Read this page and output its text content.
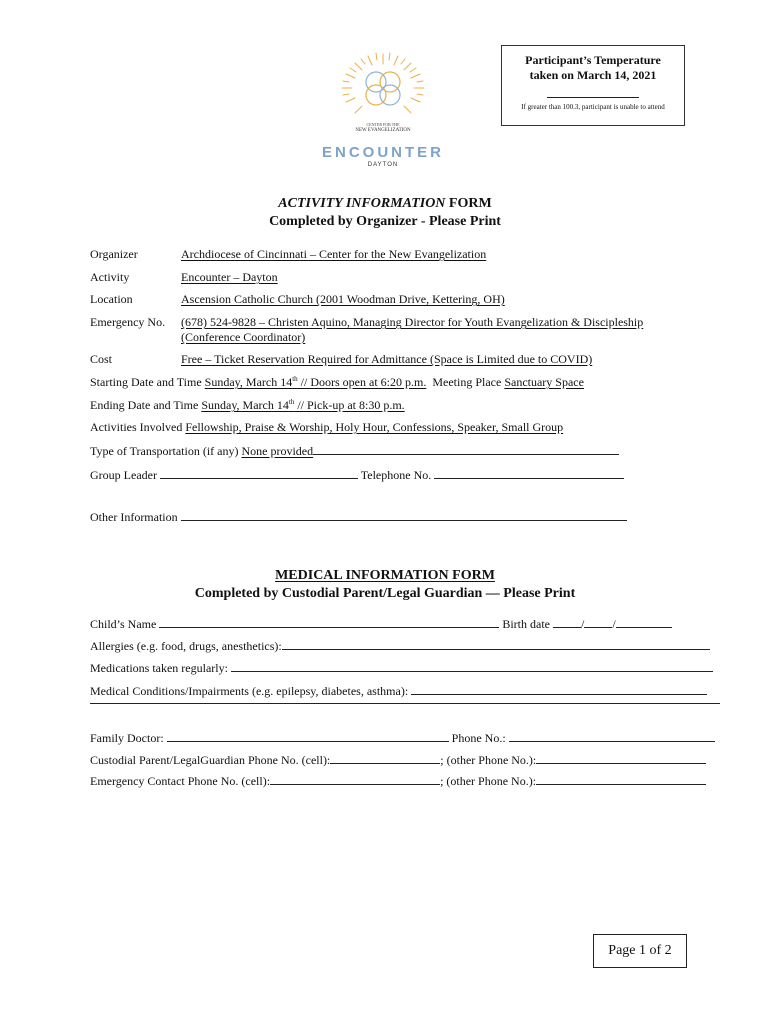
Participant’s Temperature
taken on March 14, 2021
If greater than 100.3, participant is unable to attend
CENTER FOR THE
NEW EVANGELIZATION
ENCOUNTER
DAYTON
ACTIVITY INFORMATION FORM
Completed by Organizer - Please Print
Organizer	Archdiocese of Cincinnati – Center for the New Evangelization
Activity	Encounter – Dayton
Location	Ascension Catholic Church (2001 Woodman Drive, Kettering, OH)
Emergency No. (678) 524-9828 – Christen Aquino, Managing Director for Youth Evangelization & Discipleship
(Conference Coordinator)
Cost	Free – Ticket Reservation Required for Admittance (Space is Limited due to COVID)
Starting Date and Time Sunday, March 14th // Doors open at 6:20 p.m. Meeting Place Sanctuary Space
Ending Date and Time Sunday, March 14th // Pick-up at 8:30 p.m.
Activities Involved Fellowship, Praise & Worship, Holy Hour, Confessions, Speaker, Small Group
Type of Transportation (if any) None provided
Group Leader	Telephone No.
Other Information
MEDICAL INFORMATION FORM
Completed by Custodial Parent/Legal Guardian — Please Print
Child’s Name	Birth date	/ /
Allergies (e.g. food, drugs, anesthetics):
Medications taken regularly:
Medical Conditions/Impairments (e.g. epilepsy, diabetes, asthma):
Family Doctor:	Phone No.:
Custodial Parent/LegalGuardian Phone No. (cell):	; (other Phone No.):
Emergency Contact Phone No. (cell):	; (other Phone No.):
Page 1 of 2
